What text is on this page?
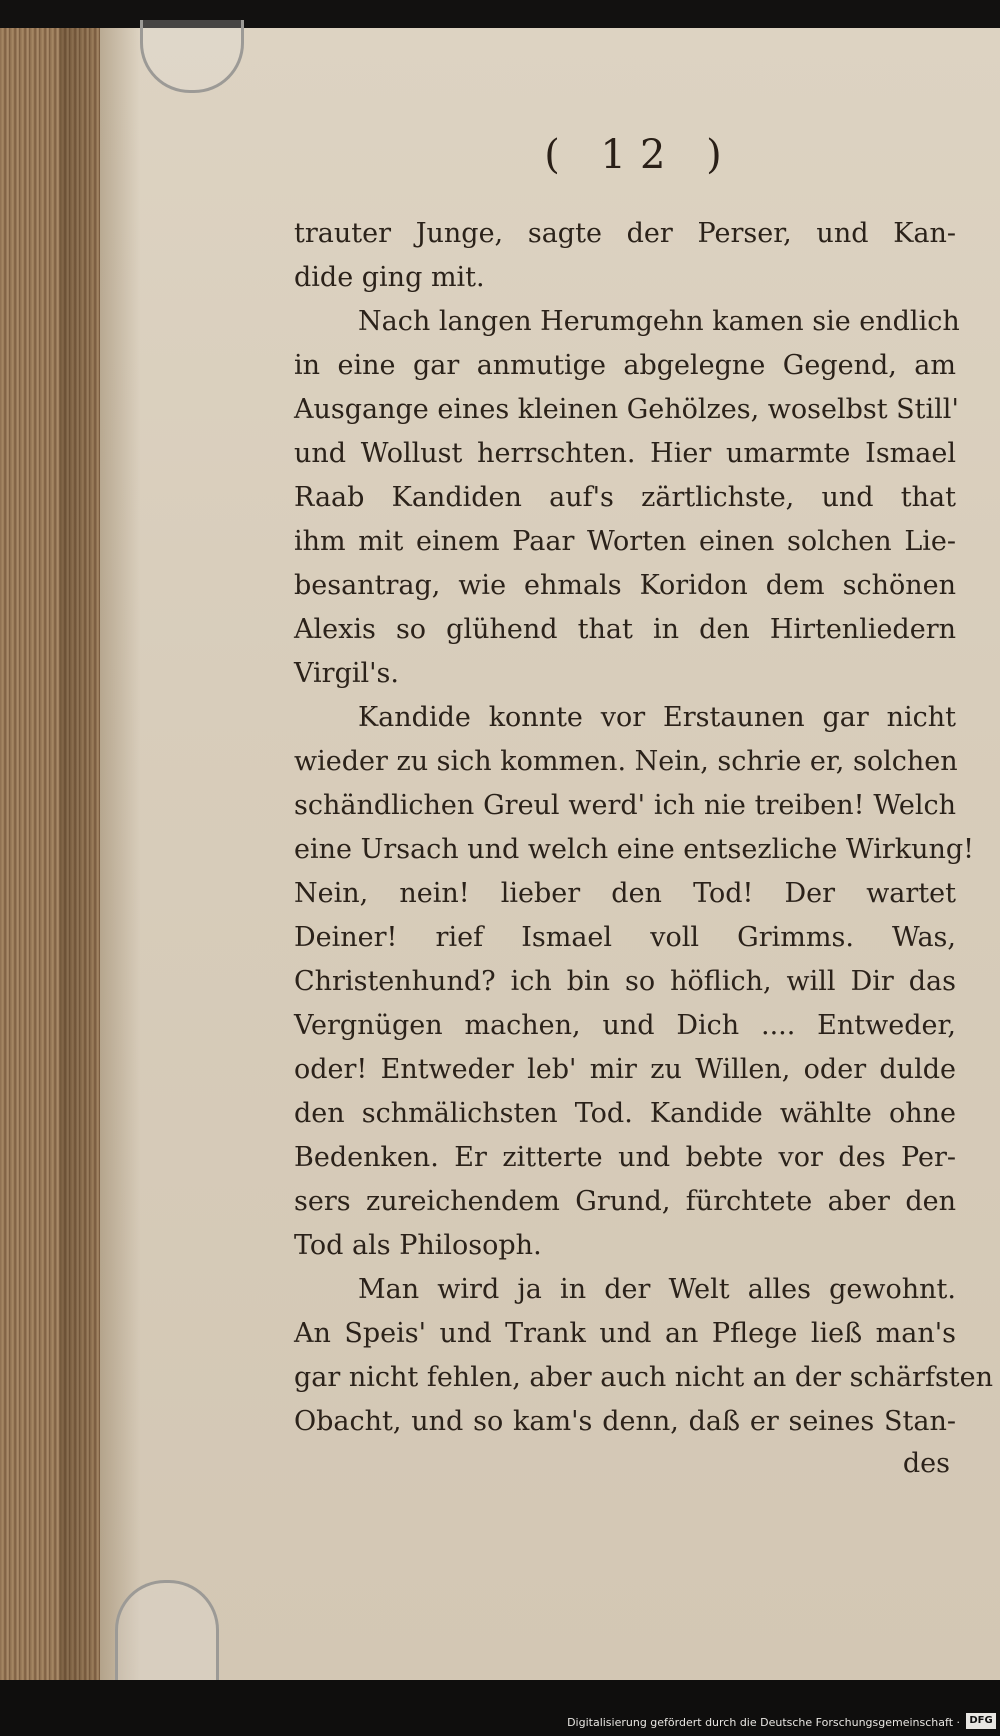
( 12 )
trauter Junge, sagte der Perser, und Kan-
dide ging mit.
Nach langen Herumgehn kamen sie endlich
in eine gar anmutige abgelegne Gegend, am
Ausgange eines kleinen Gehölzes, woselbst Still'
und Wollust herrschten. Hier umarmte Ismael
Raab Kandiden auf's zärtlichste, und that
ihm mit einem Paar Worten einen solchen Lie-
besantrag, wie ehmals Koridon dem schönen
Alexis so glühend that in den Hirtenliedern
Virgil's.
Kandide konnte vor Erstaunen gar nicht
wieder zu sich kommen. Nein, schrie er, solchen
schändlichen Greul werd' ich nie treiben! Welch
eine Ursach und welch eine entsezliche Wirkung!
Nein, nein! lieber den Tod! Der wartet
Deiner! rief Ismael voll Grimms. Was,
Christenhund? ich bin so höflich, will Dir das
Vergnügen machen, und Dich .... Entweder,
oder! Entweder leb' mir zu Willen, oder dulde
den schmälichsten Tod. Kandide wählte ohne
Bedenken. Er zitterte und bebte vor des Per-
sers zureichendem Grund, fürchtete aber den
Tod als Philosoph.
Man wird ja in der Welt alles gewohnt.
An Speis' und Trank und an Pflege ließ man's
gar nicht fehlen, aber auch nicht an der schärfsten
Obacht, und so kam's denn, daß er seines Stan-
des
Digitalisierung gefördert durch die Deutsche Forschungsgemeinschaft · DFG
